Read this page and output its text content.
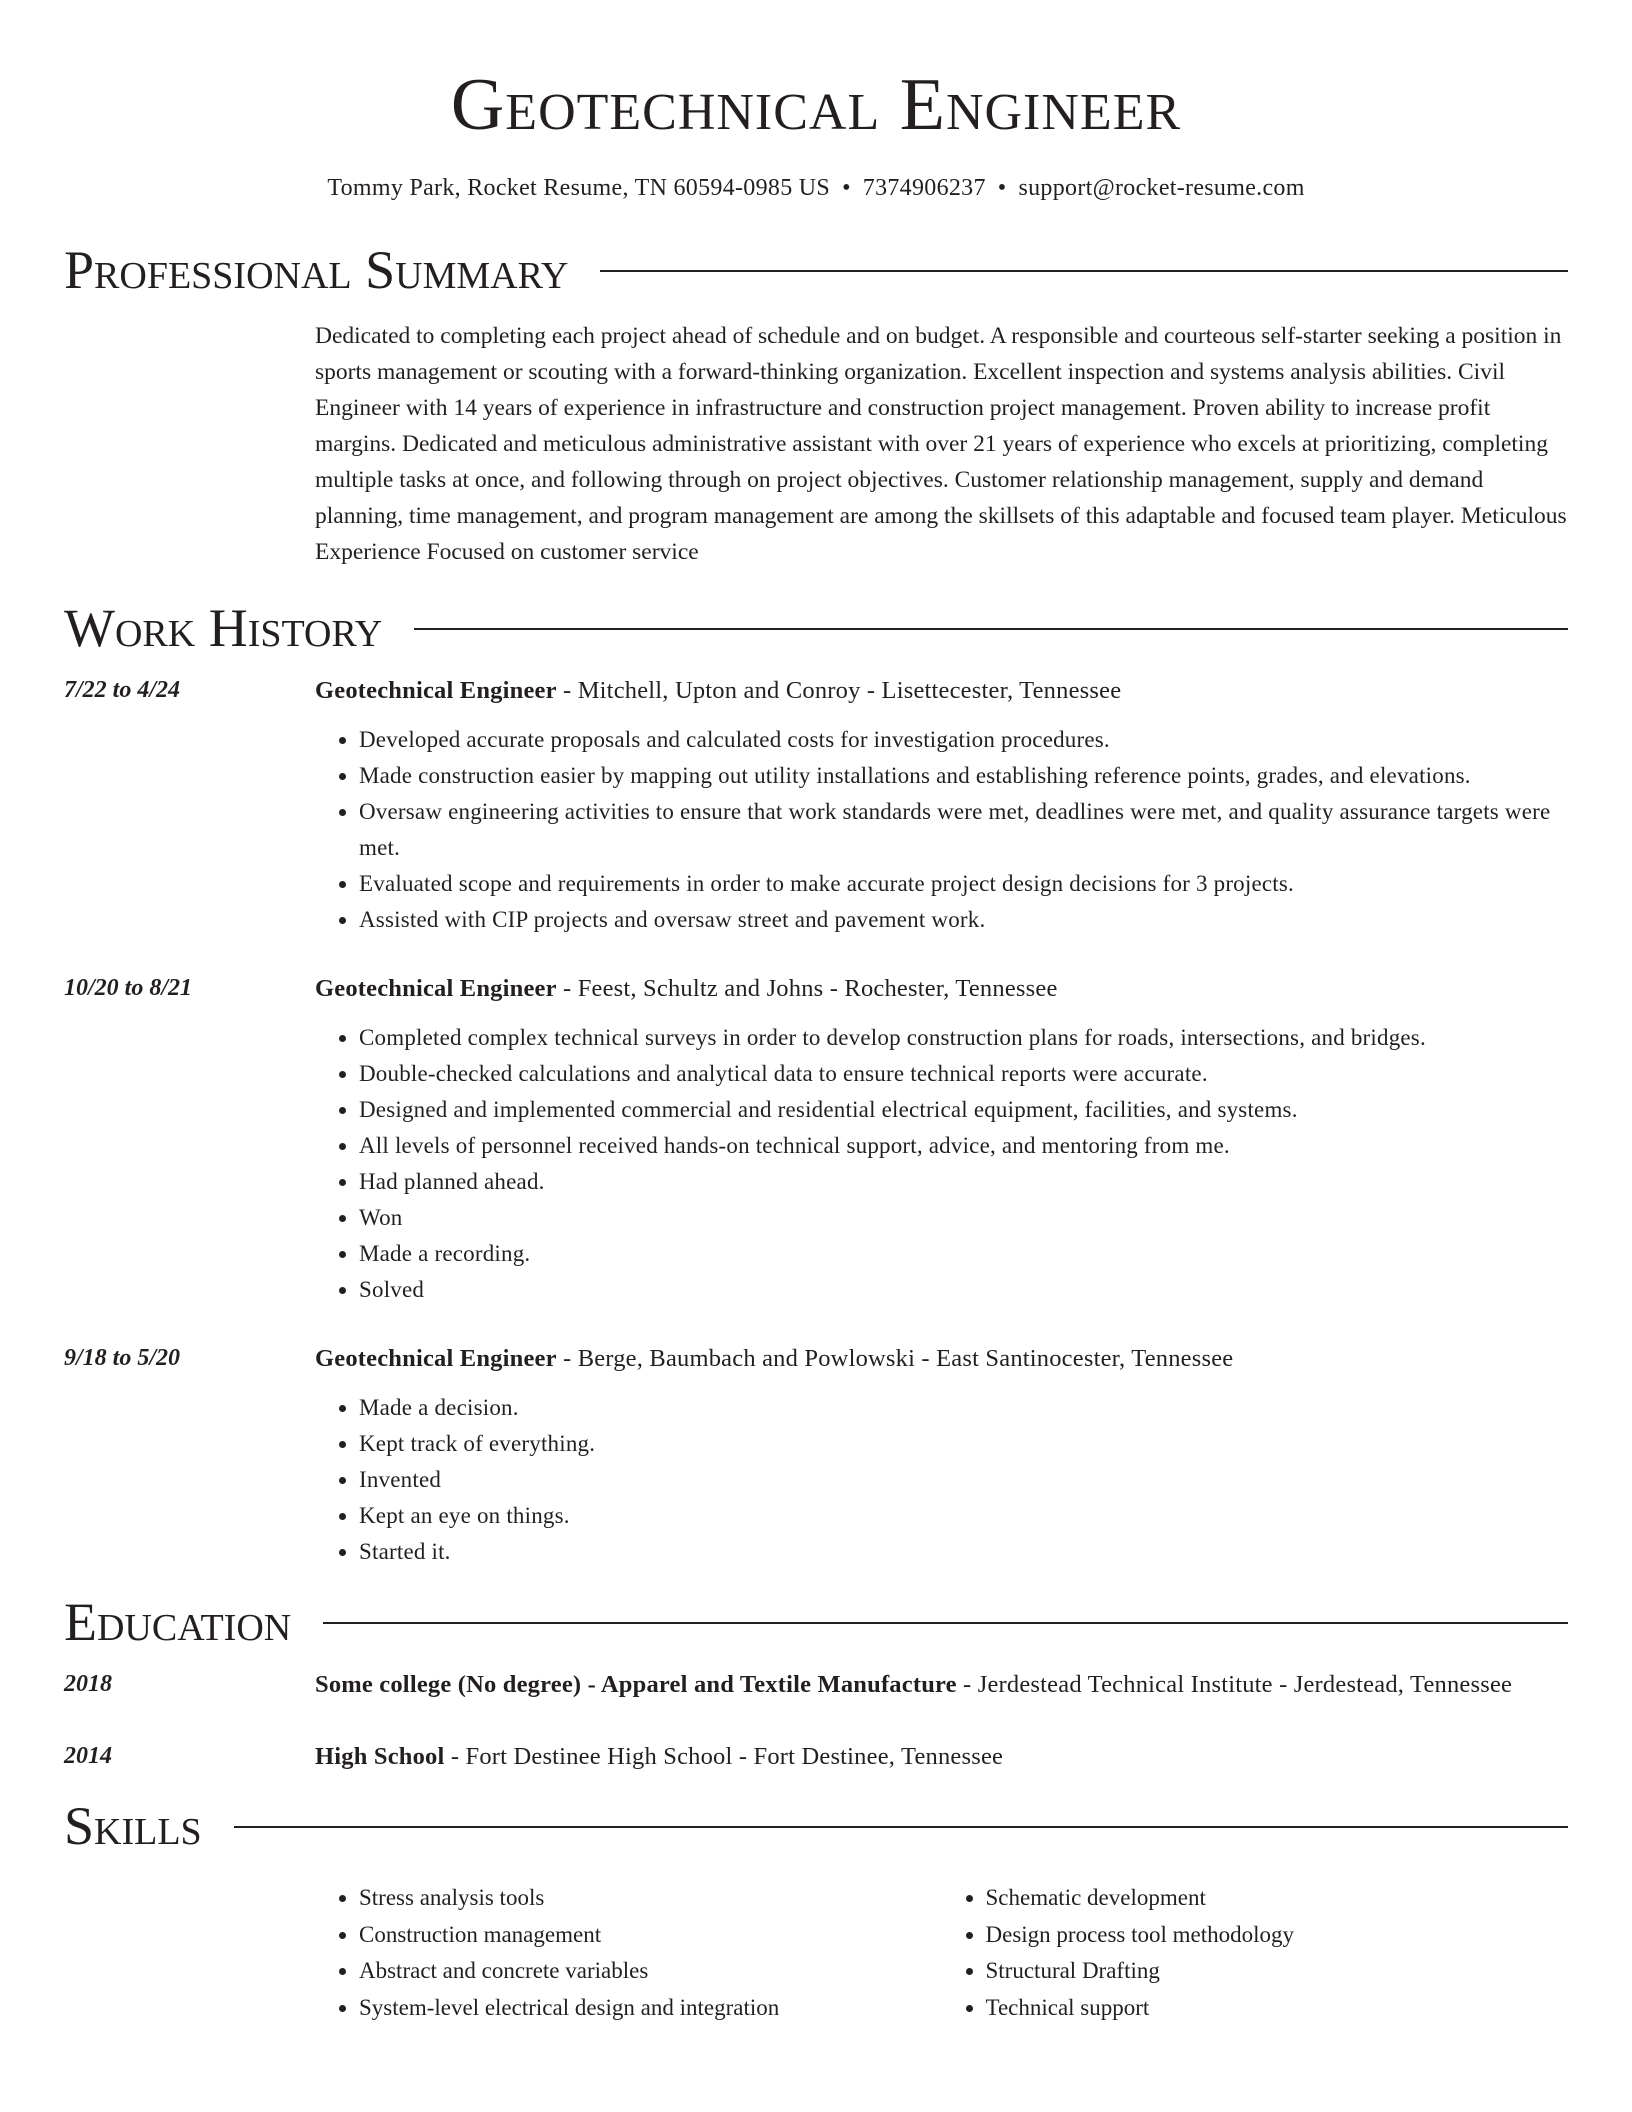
Geotechnical Engineer
Tommy Park, Rocket Resume, TN 60594-0985 US • 7374906237 • support@rocket-resume.com
Professional Summary
Dedicated to completing each project ahead of schedule and on budget. A responsible and courteous self-starter seeking a position in sports management or scouting with a forward-thinking organization. Excellent inspection and systems analysis abilities. Civil Engineer with 14 years of experience in infrastructure and construction project management. Proven ability to increase profit margins. Dedicated and meticulous administrative assistant with over 21 years of experience who excels at prioritizing, completing multiple tasks at once, and following through on project objectives. Customer relationship management, supply and demand planning, time management, and program management are among the skillsets of this adaptable and focused team player. Meticulous Experience Focused on customer service
Work History
7/22 to 4/24	Geotechnical Engineer - Mitchell, Upton and Conroy - Lisettecester, Tennessee
• Developed accurate proposals and calculated costs for investigation procedures.
• Made construction easier by mapping out utility installations and establishing reference points, grades, and elevations.
• Oversaw engineering activities to ensure that work standards were met, deadlines were met, and quality assurance targets were met.
• Evaluated scope and requirements in order to make accurate project design decisions for 3 projects.
• Assisted with CIP projects and oversaw street and pavement work.
10/20 to 8/21	Geotechnical Engineer - Feest, Schultz and Johns - Rochester, Tennessee
• Completed complex technical surveys in order to develop construction plans for roads, intersections, and bridges.
• Double-checked calculations and analytical data to ensure technical reports were accurate.
• Designed and implemented commercial and residential electrical equipment, facilities, and systems.
• All levels of personnel received hands-on technical support, advice, and mentoring from me.
• Had planned ahead.
• Won
• Made a recording.
• Solved
9/18 to 5/20	Geotechnical Engineer - Berge, Baumbach and Powlowski - East Santinocester, Tennessee
• Made a decision.
• Kept track of everything.
• Invented
• Kept an eye on things.
• Started it.
Education
2018	Some college (No degree) - Apparel and Textile Manufacture - Jerdestead Technical Institute - Jerdestead, Tennessee
2014	High School - Fort Destinee High School - Fort Destinee, Tennessee
Skills
• Stress analysis tools
• Construction management
• Abstract and concrete variables
• System-level electrical design and integration
• Schematic development
• Design process tool methodology
• Structural Drafting
• Technical support
